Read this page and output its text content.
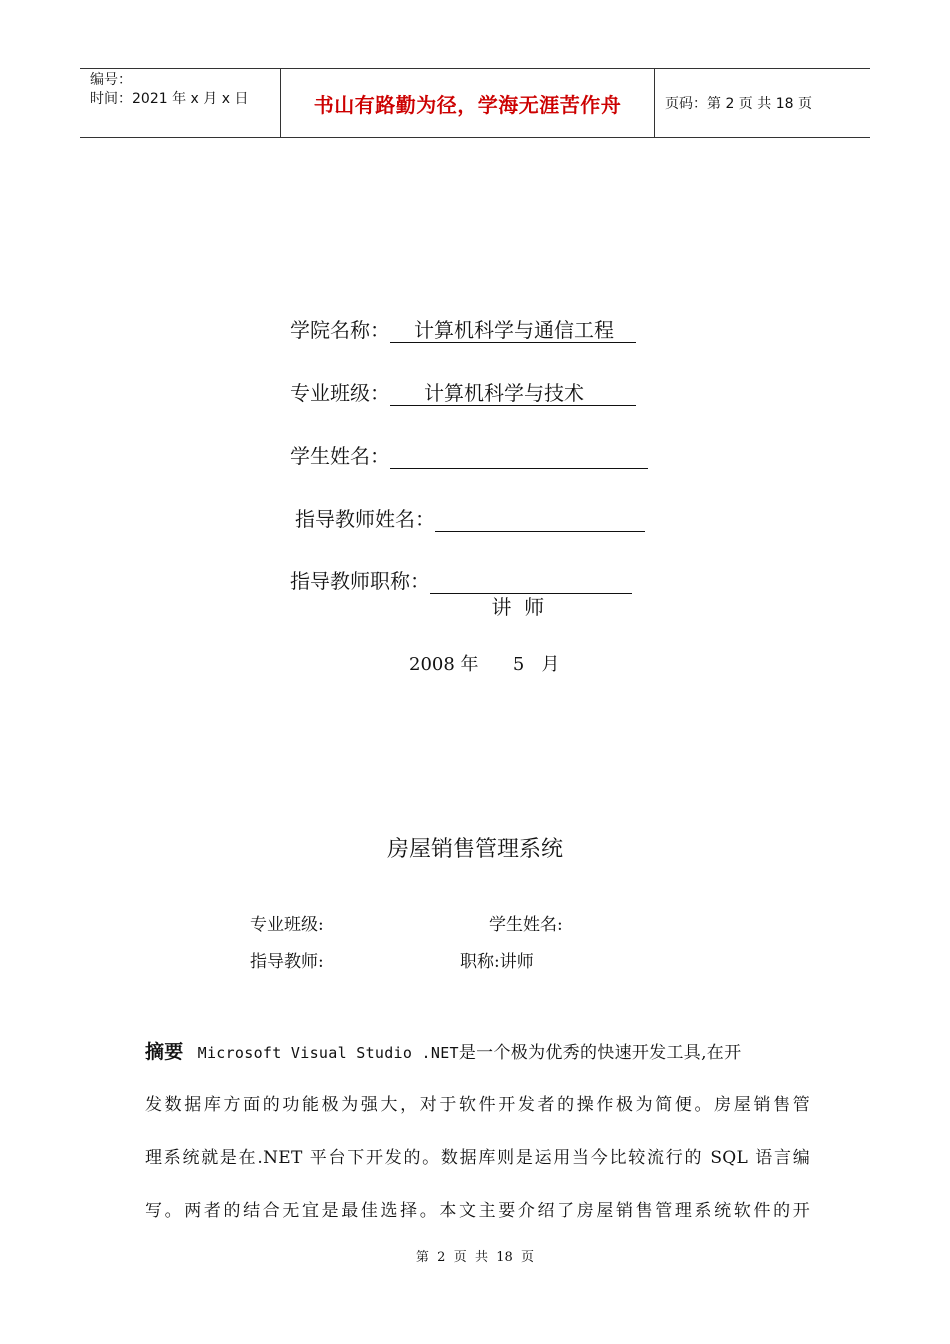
编号：
时间：2021 年 x 月 x 日	书山有路勤为径，学海无涯苦作舟	页码：第 2 页 共 18 页
学院名称：	计算机科学与通信工程
专业班级：	计算机科学与技术
学生姓名：
指导教师姓名：
指导教师职称：

讲  师

2008 年      5   月
房屋销售管理系统
专业班级:	学生姓名:
指导教师:	职称:讲师
摘要 Microsoft Visual Studio .NET是一个极为优秀的快速开发工具,在开
发数据库方面的功能极为强大，对于软件开发者的操作极为简便。房屋销售管
理系统就是在.NET 平台下开发的。数据库则是运用当今比较流行的 SQL 语言编
写。两者的结合无宜是最佳选择。本文主要介绍了房屋销售管理系统软件的开
第  2  页  共  18  页
